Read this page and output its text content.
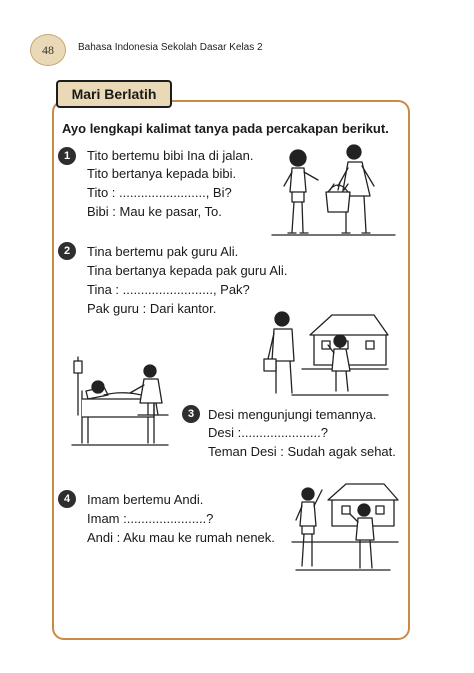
48	Bahasa Indonesia Sekolah Dasar Kelas 2
Mari Berlatih
Ayo lengkapi kalimat tanya pada percakapan berikut.
1	Tito bertemu bibi Ina di jalan.
Tito bertanya kepada bibi.
Tito : ........................, Bi?
Bibi : Mau ke pasar, To.
2	Tina bertemu pak guru Ali.
Tina bertanya kepada pak guru Ali.
Tina : ........................., Pak?
Pak guru : Dari kantor.
3	Desi mengunjungi temannya.
Desi :......................?
Teman Desi : Sudah agak sehat.
4	Imam bertemu Andi.
Imam :......................?
Andi : Aku mau ke rumah nenek.
